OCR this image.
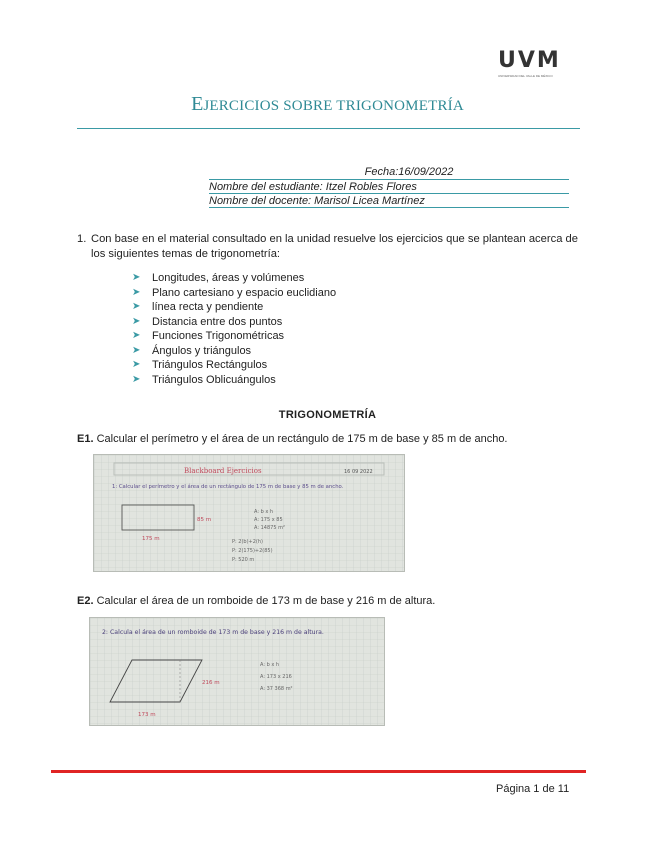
UVM
UNIVERSIDAD DEL VALLE DE MÉXICO
EJERCICIOS SOBRE TRIGONOMETRÍA
Fecha:16/09/2022
Nombre del estudiante: Itzel Robles Flores
Nombre del docente: Marisol Licea Martínez
1. Con base en el material consultado en la unidad resuelve los ejercicios que se plantean acerca de los siguientes temas de trigonometría:
➤ Longitudes, áreas y volúmenes
➤ Plano cartesiano y espacio euclidiano
➤ línea recta y pendiente
➤ Distancia entre dos puntos
➤ Funciones Trigonométricas
➤ Ángulos y triángulos
➤ Triángulos Rectángulos
➤ Triángulos Oblicuángulos
TRIGONOMETRÍA
E1. Calcular el perímetro y el área de un rectángulo de 175 m de base y 85 m de ancho.
Blackboard Ejercicios	16 09 2022
1: Calcular el perímetro y el área de un rectángulo de 175 m de base y 85 m de ancho.
85 m
175 m
A: b x h
A: 175 x 85
A: 14875 m²
P: 2(b)+2(h)
P: 2(175)+2(85)
P: 520 m
E2. Calcular el área de un romboide de 173 m de base y 216 m de altura.
2: Calcula el área de un romboide de 173 m de base y 216 m de altura.
216 m
173 m
A: b x h
A: 173 x 216
A: 37 368 m²
Página 1 de 11
